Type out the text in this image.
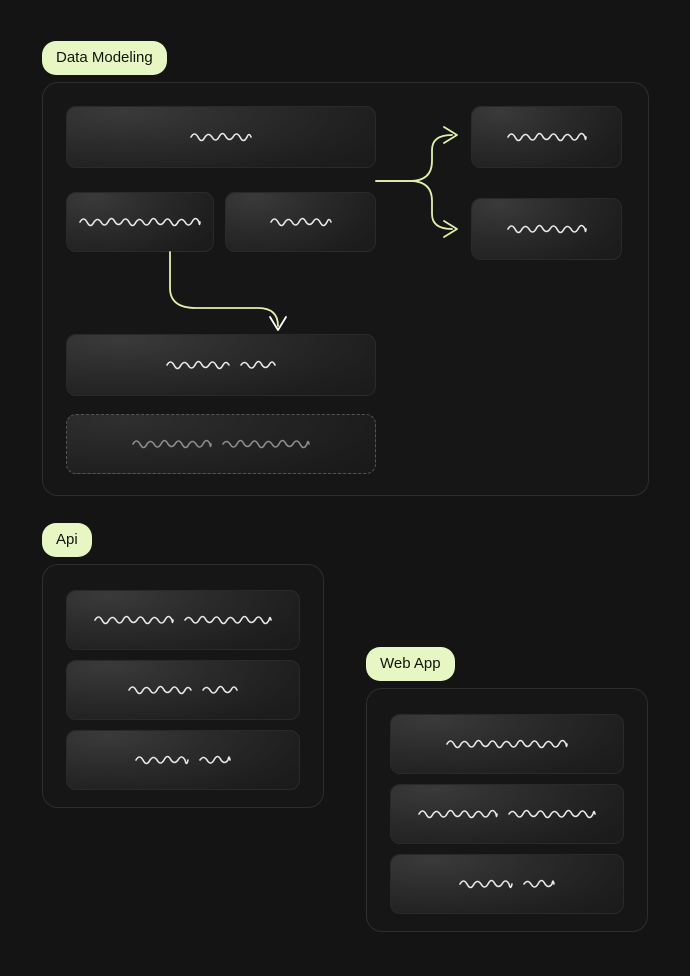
Data Modeling
Api
Web App
